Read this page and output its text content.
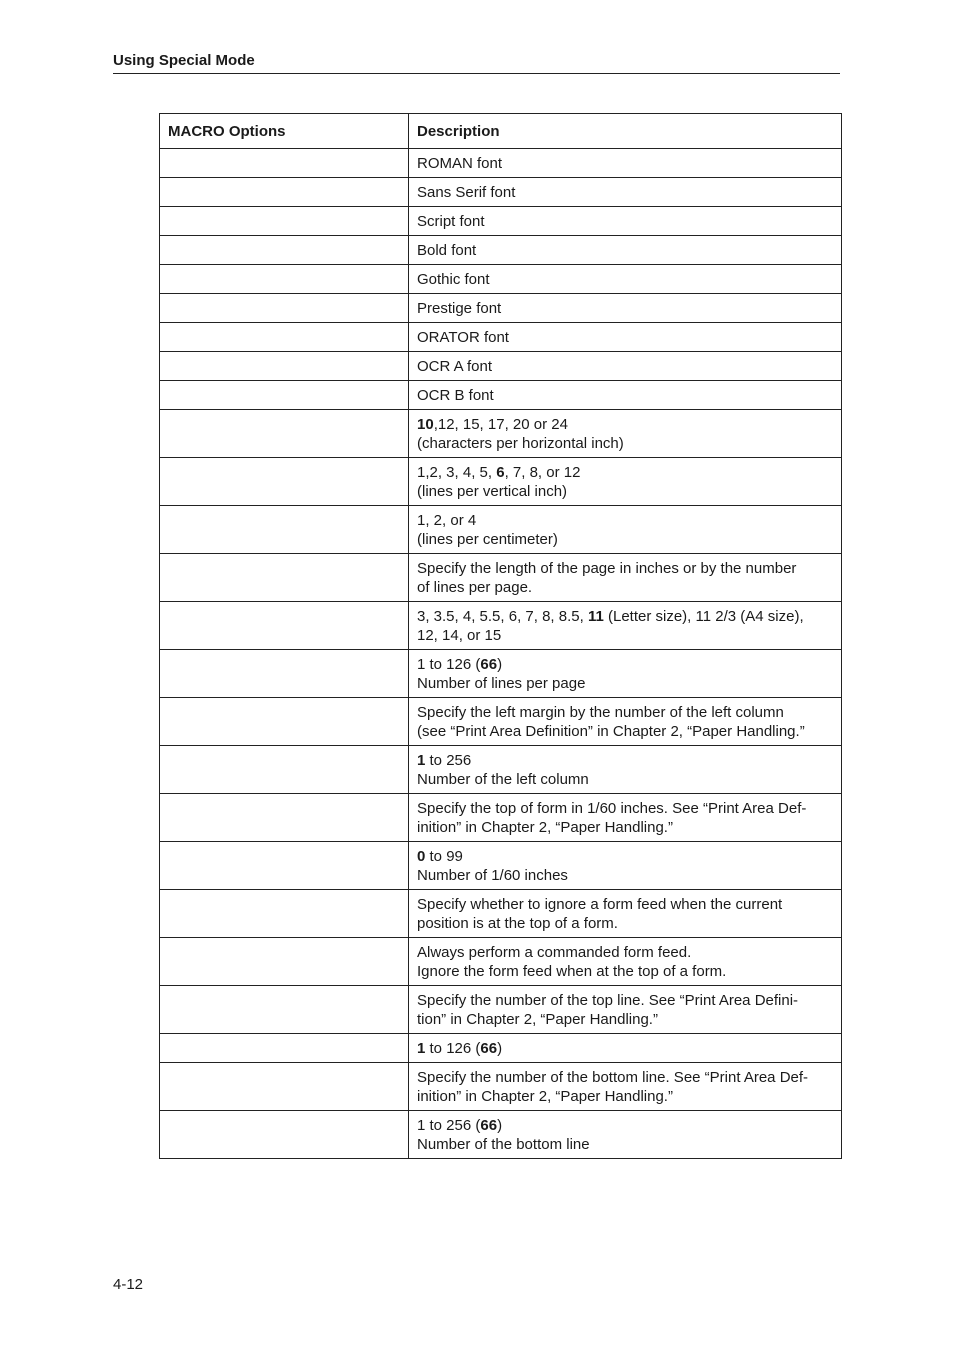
Using Special Mode
MACRO Options	Description

	ROMAN font

	Sans Serif font

	Script font

	Bold font

	Gothic font

	Prestige font

	ORATOR font

	OCR A font

	OCR B font

	10,12, 15, 17, 20 or 24
(characters per horizontal inch)

	1,2, 3, 4, 5, 6, 7, 8, or 12
(lines per vertical inch)

	1, 2, or 4
(lines per centimeter)

	Specify the length of the page in inches or by the number
of lines per page.

	3, 3.5, 4, 5.5, 6, 7, 8, 8.5, 11 (Letter size), 11 2/3 (A4 size),
12, 14, or 15

	1 to 126 (66)
Number of lines per page

	Specify the left margin by the number of the left column
(see “Print Area Definition” in Chapter 2, “Paper Handling.”

	1 to 256
Number of the left column

	Specify the top of form in 1/60 inches. See “Print Area Def-
inition” in Chapter 2, “Paper Handling.”

	0 to 99
Number of 1/60 inches

	Specify whether to ignore a form feed when the current
position is at the top of a form.

	Always perform a commanded form feed.
Ignore the form feed when at the top of a form.

	Specify the number of the top line. See “Print Area Defini-
tion” in Chapter 2, “Paper Handling.”

	1 to 126 (66)

	Specify the number of the bottom line. See “Print Area Def-
inition” in Chapter 2, “Paper Handling.”

	1 to 256 (66)
Number of the bottom line
4-12
